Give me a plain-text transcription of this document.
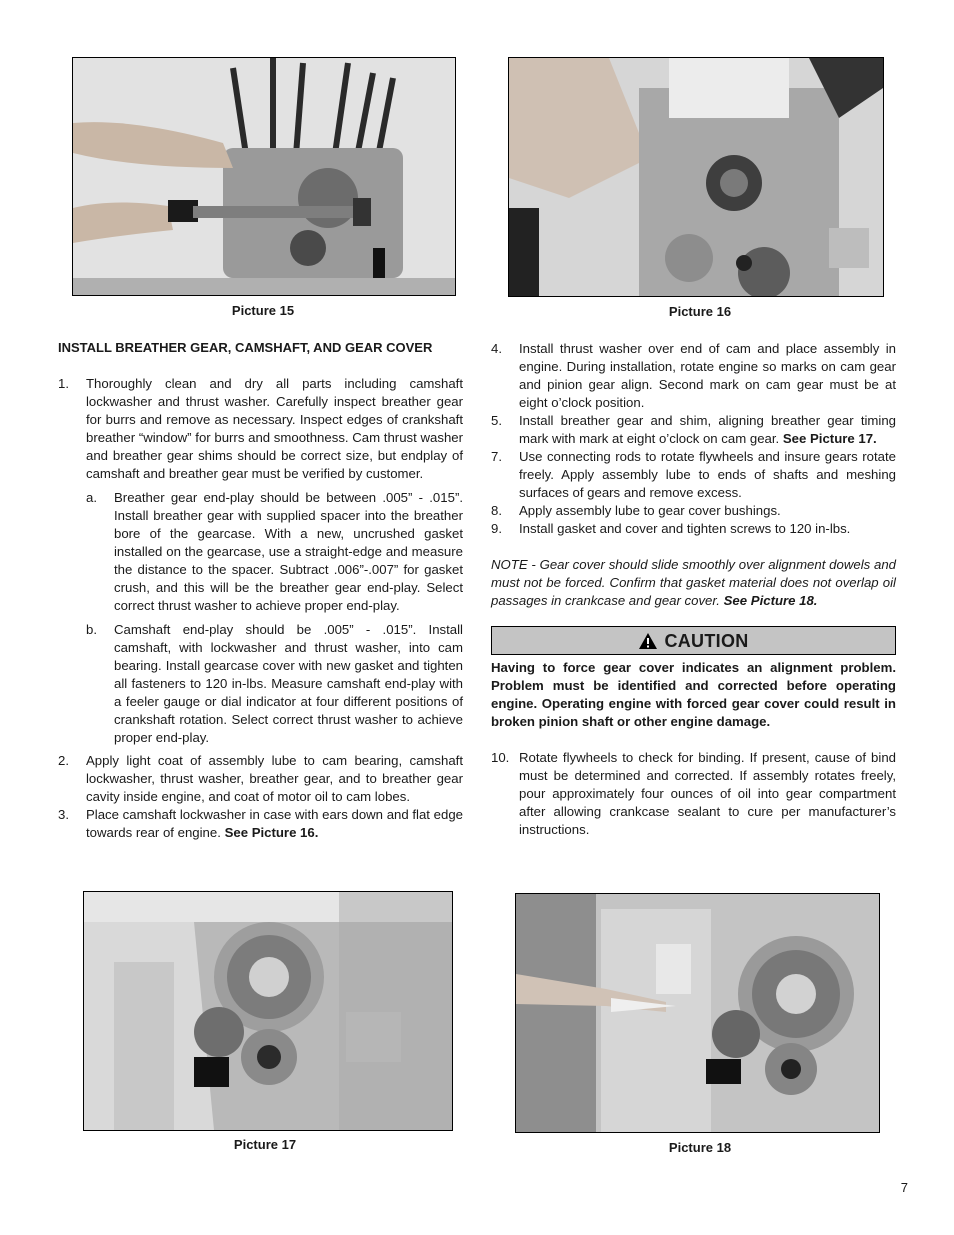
Picture 15	Picture 16
INSTALL BREATHER GEAR, CAMSHAFT, AND GEAR COVER
1.	Thoroughly clean and dry all parts including camshaft lockwasher and thrust washer. Carefully inspect breather gear for burrs and remove as necessary. Inspect edges of crankshaft breather “window” for burrs and smoothness. Cam thrust washer and breather gear shims should be correct size, but endplay of camshaft and breather gear must be verified by customer.
a.	Breather gear end-play should be between .005” - .015”. Install breather gear with supplied spacer into the breather bore of the gearcase. With a new, uncrushed gasket installed on the gearcase, use a straight-edge and measure the distance to the spacer. Subtract .006”-.007” for gasket crush, and this will be the breather gear end-play. Select correct thrust washer to achieve proper end-play.
b.	Camshaft end-play should be .005” - .015”. Install camshaft, with lockwasher and thrust washer, into cam bearing. Install gearcase cover with new gasket and tighten all fasteners to 120 in-lbs. Measure camshaft end-play with a feeler gauge or dial indicator at four different positions of crankshaft rotation. Select correct thrust washer to achieve proper end-play.
2.	Apply light coat of assembly lube to cam bearing, camshaft lockwasher, thrust washer, breather gear, and to breather gear cavity inside engine, and coat of motor oil to cam lobes.
3.	Place camshaft lockwasher in case with ears down and flat edge towards rear of engine. See Picture 16.
4.	Install thrust washer over end of cam and place assembly in engine. During installation, rotate engine so marks on cam gear and pinion gear align. Second mark on cam gear must be at eight o’clock position.
5.	Install breather gear and shim, aligning breather gear timing mark with mark at eight o’clock on cam gear. See Picture 17.
7.	Use connecting rods to rotate flywheels and insure gears rotate freely. Apply assembly lube to ends of shafts and meshing surfaces of gears and remove excess.
8.	Apply assembly lube to gear cover bushings.
9.	Install gasket and cover and tighten screws to 120 in-lbs.
NOTE - Gear cover should slide smoothly over alignment dowels and must not be forced. Confirm that gasket material does not overlap oil passages in crankcase and gear cover. See Picture 18.
CAUTION
Having to force gear cover indicates an alignment problem. Problem must be identified and corrected before operating engine. Operating engine with forced gear cover could result in broken pinion shaft or other engine damage.
10. Rotate flywheels to check for binding. If present, cause of bind must be determined and corrected. If assembly rotates freely, pour approximately four ounces of oil into gear compartment after allowing crankcase sealant to cure per manufacturer’s instructions.
Picture 17	Picture 18
7
